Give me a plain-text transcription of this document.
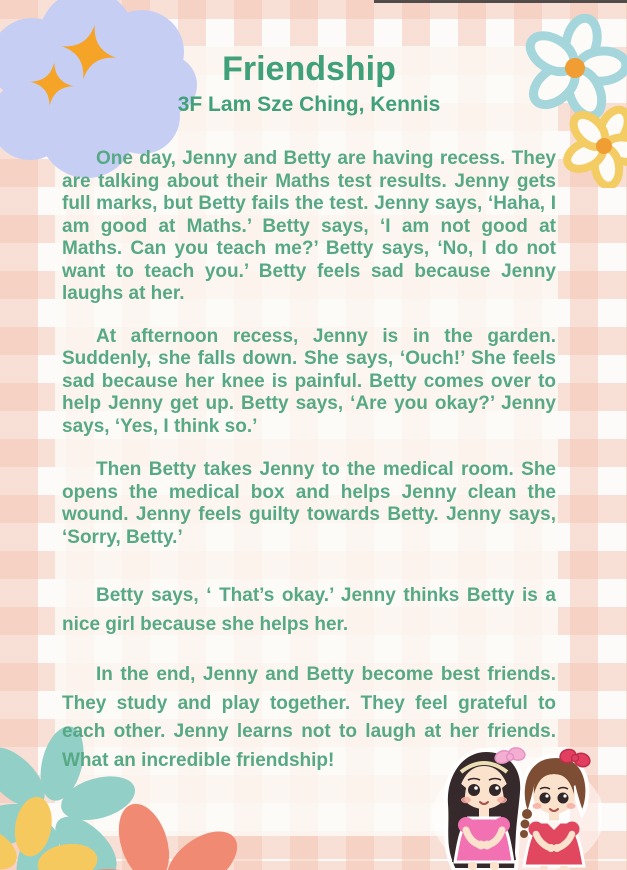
Friendship
3F Lam Sze Ching, Kennis

One day, Jenny and Betty are having recess. They are talking about their Maths test results. Jenny gets full marks, but Betty fails the test. Jenny says, ‘Haha, I am good at Maths.’ Betty says, ‘I am not good at Maths. Can you teach me?’ Betty says, ‘No, I do not want to teach you.’ Betty feels sad because Jenny laughs at her.

At afternoon recess, Jenny is in the garden. Suddenly, she falls down. She says, ‘Ouch!’ She feels sad because her knee is painful. Betty comes over to help Jenny get up. Betty says, ‘Are you okay?’ Jenny says, ‘Yes, I think so.’

Then Betty takes Jenny to the medical room. She opens the medical box and helps Jenny clean the wound. Jenny feels guilty towards Betty. Jenny says, ‘Sorry, Betty.’

Betty says, ‘ That’s okay.’ Jenny thinks Betty is a nice girl because she helps her.

In the end, Jenny and Betty become best friends. They study and play together. They feel grateful to each other. Jenny learns not to laugh at her friends. What an incredible friendship!
